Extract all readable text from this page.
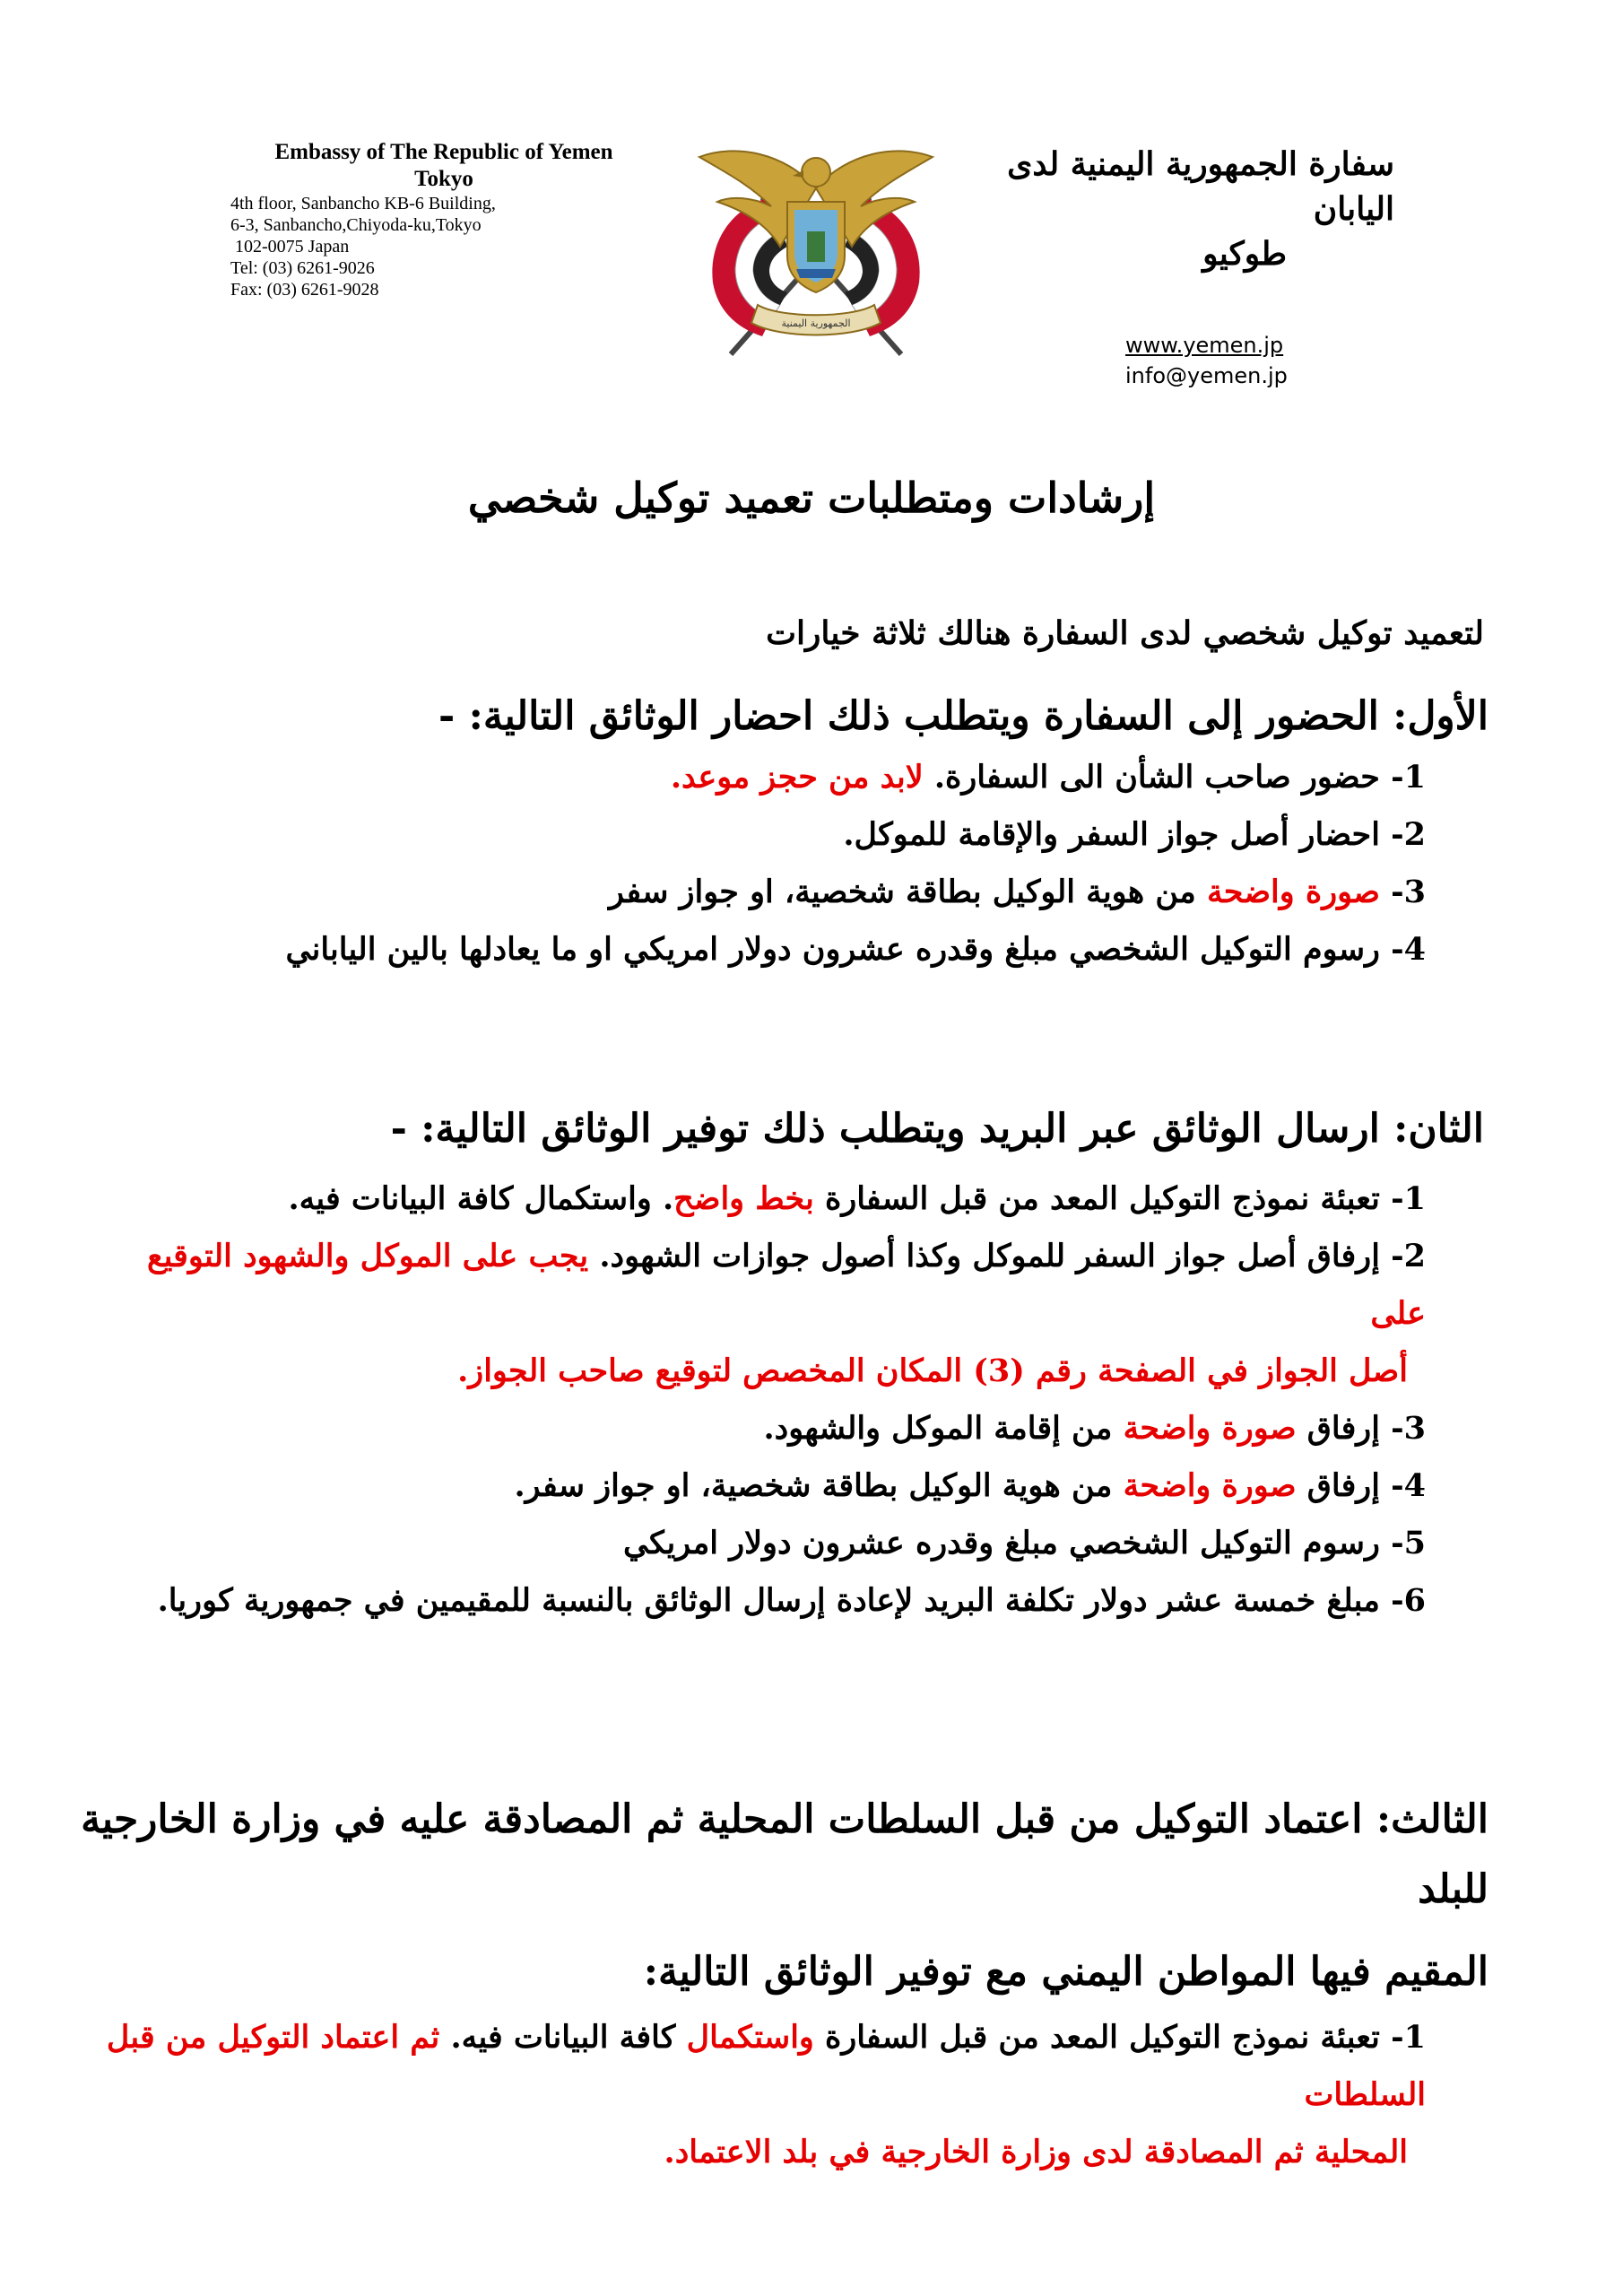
Embassy of The Republic of Yemen
Tokyo
4th floor, Sanbancho KB-6 Building,
6-3, Sanbancho,Chiyoda-ku,Tokyo
102-0075 Japan
Tel: (03) 6261-9026
Fax: (03) 6261-9028
الجمهورية اليمنية
سفارة الجمهورية اليمنية لدى اليابان
طوكيو
www.yemen.jp
info@yemen.jp
إرشادات ومتطلبات تعميد توكيل شخصي
لتعميد توكيل شخصي لدى السفارة هنالك ثلاثة خيارات
الأول: الحضور إلى السفارة ويتطلب ذلك احضار الوثائق التالية: -
1- حضور صاحب الشأن الى السفارة. لابد من حجز موعد.
2- احضار أصل جواز السفر والإقامة للموكل.
3- صورة واضحة من هوية الوكيل بطاقة شخصية، او جواز سفر
4- رسوم التوكيل الشخصي مبلغ وقدره عشرون دولار امريكي او ما يعادلها بالين الياباني
الثان: ارسال الوثائق عبر البريد ويتطلب ذلك توفير الوثائق التالية: -
1- تعبئة نموذج التوكيل المعد من قبل السفارة بخط واضح. واستكمال كافة البيانات فيه.
2- إرفاق أصل جواز السفر للموكل وكذا أصول جوازات الشهود. يجب على الموكل والشهود التوقيع على
أصل الجواز في الصفحة رقم (3) المكان المخصص لتوقيع صاحب الجواز.
3- إرفاق صورة واضحة من إقامة الموكل والشهود.
4- إرفاق صورة واضحة من هوية الوكيل بطاقة شخصية، او جواز سفر.
5- رسوم التوكيل الشخصي مبلغ وقدره عشرون دولار امريكي
6- مبلغ خمسة عشر دولار تكلفة البريد لإعادة إرسال الوثائق بالنسبة للمقيمين في جمهورية كوريا.
الثالث: اعتماد التوكيل من قبل السلطات المحلية ثم المصادقة عليه في وزارة الخارجية للبلد
المقيم فيها المواطن اليمني مع توفير الوثائق التالية:
1- تعبئة نموذج التوكيل المعد من قبل السفارة واستكمال كافة البيانات فيه. ثم اعتماد التوكيل من قبل السلطات
المحلية ثم المصادقة لدى وزارة الخارجية في بلد الاعتماد.
